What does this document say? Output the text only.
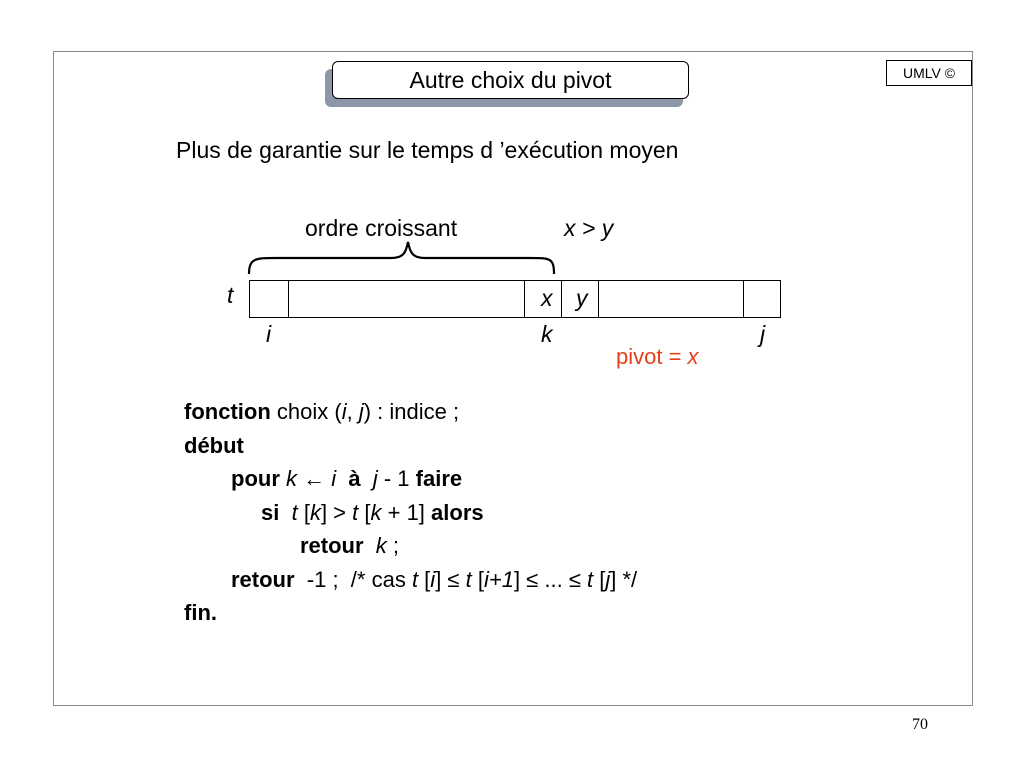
Autre choix du pivot	UMLV ©
Plus de garantie sur le temps d ’exécution moyen
ordre croissant	x > y
t	x y
i	k	j
pivot = x
fonction choix (i, j) : indice ;
début
pour k ← i à j - 1 faire
si t [k] > t [k + 1] alors
retour k ;
retour  -1 ;  /* cas t [i] ≤ t [i+1] ≤ ... ≤ t [j] */
fin.
70
